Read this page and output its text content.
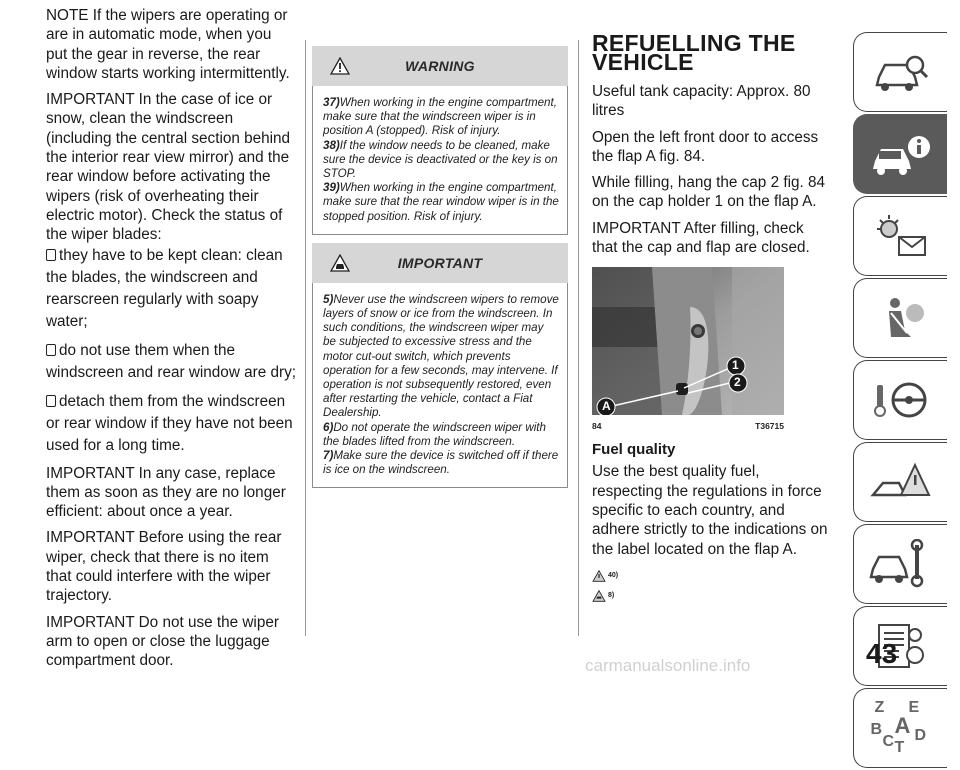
NOTE If the wipers are operating or are in automatic mode, when you put the gear in reverse, the rear window starts working intermittently.

IMPORTANT In the case of ice or snow, clean the windscreen (including the central section behind the interior rear view mirror) and the rear window before activating the wipers (risk of overheating their electric motor). Check the status of the wiper blades:

they have to be kept clean: clean the blades, the windscreen and rearscreen regularly with soapy water;

do not use them when the windscreen and rear window are dry;

detach them from the windscreen or rear window if they have not been used for a long time.

IMPORTANT In any case, replace them as soon as they are no longer efficient: about once a year.

IMPORTANT Before using the rear wiper, check that there is no item that could interfere with the wiper trajectory.

IMPORTANT Do not use the wiper arm to open or close the luggage compartment door.

WARNING

37)When working in the engine compartment, make sure that the windscreen wiper is in position A (stopped). Risk of injury.

38)If the window needs to be cleaned, make sure the device is deactivated or the key is on STOP.

39)When working in the engine compartment, make sure that the rear window wiper is in the stopped position. Risk of injury.

IMPORTANT

5)Never use the windscreen wipers to remove layers of snow or ice from the windscreen. In such conditions, the windscreen wiper may be subjected to excessive stress and the motor cut-out switch, which prevents operation for a few seconds, may intervene. If operation is not subsequently restored, even after restarting the vehicle, contact a Fiat Dealership.

6)Do not operate the windscreen wiper with the blades lifted from the windscreen.

7)Make sure the device is switched off if there is ice on the windscreen.

REFUELLING THE
VEHICLE

Useful tank capacity: Approx. 80 litres

Open the left front door to access the flap A fig. 84.

While filling, hang the cap 2 fig. 84 on the cap holder 1 on the flap A.

IMPORTANT After filling, check that the cap and flap are closed.

1
2
A
84	T36715
Fuel quality

Use the best quality fuel, respecting the regulations in force specific to each country, and adhere strictly to the indications on the label located on the flap A.

40)
8)
Z E
A
B
C D
T
43
carmanualsonline.info
